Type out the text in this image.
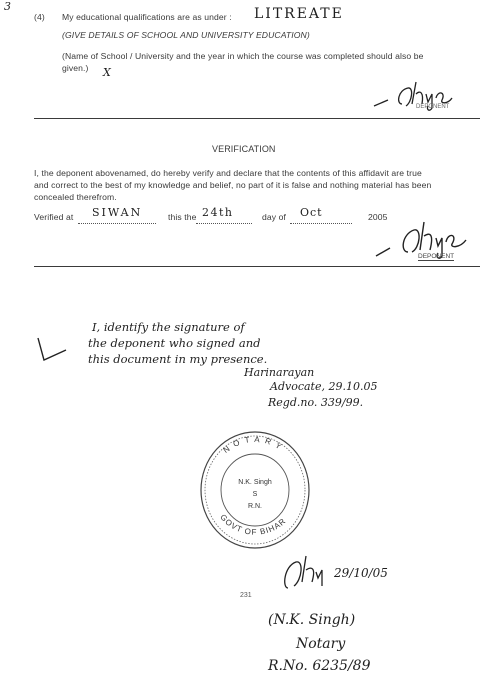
3
(4) My educational qualifications are as under : LITREATE
(GIVE DETAILS OF SCHOOL AND UNIVERSITY EDUCATION)
(Name of School / University and the year in which the course was completed should also be
given.) X
DEPONENT
VERIFICATION
I, the deponent abovenamed, do hereby verify and declare that the contents of this affidavit are true
and correct to the best of my knowledge and belief, no part of it is false and nothing material has been
concealed therefrom.
Verified at SIWAN	this the 24th	day of Oct	2005
DEPONENT
I, identify the signature of
the deponent who signed and
this document in my presence.
Harinarayan
Advocate, 29.10.05
Regd.no. 339/99.
NOTARY
GOVT OF BIHAR
N.K. Singh
S
R.N.
29/10/05
231
(N.K. Singh)
Notary
R.No. 6235/89
